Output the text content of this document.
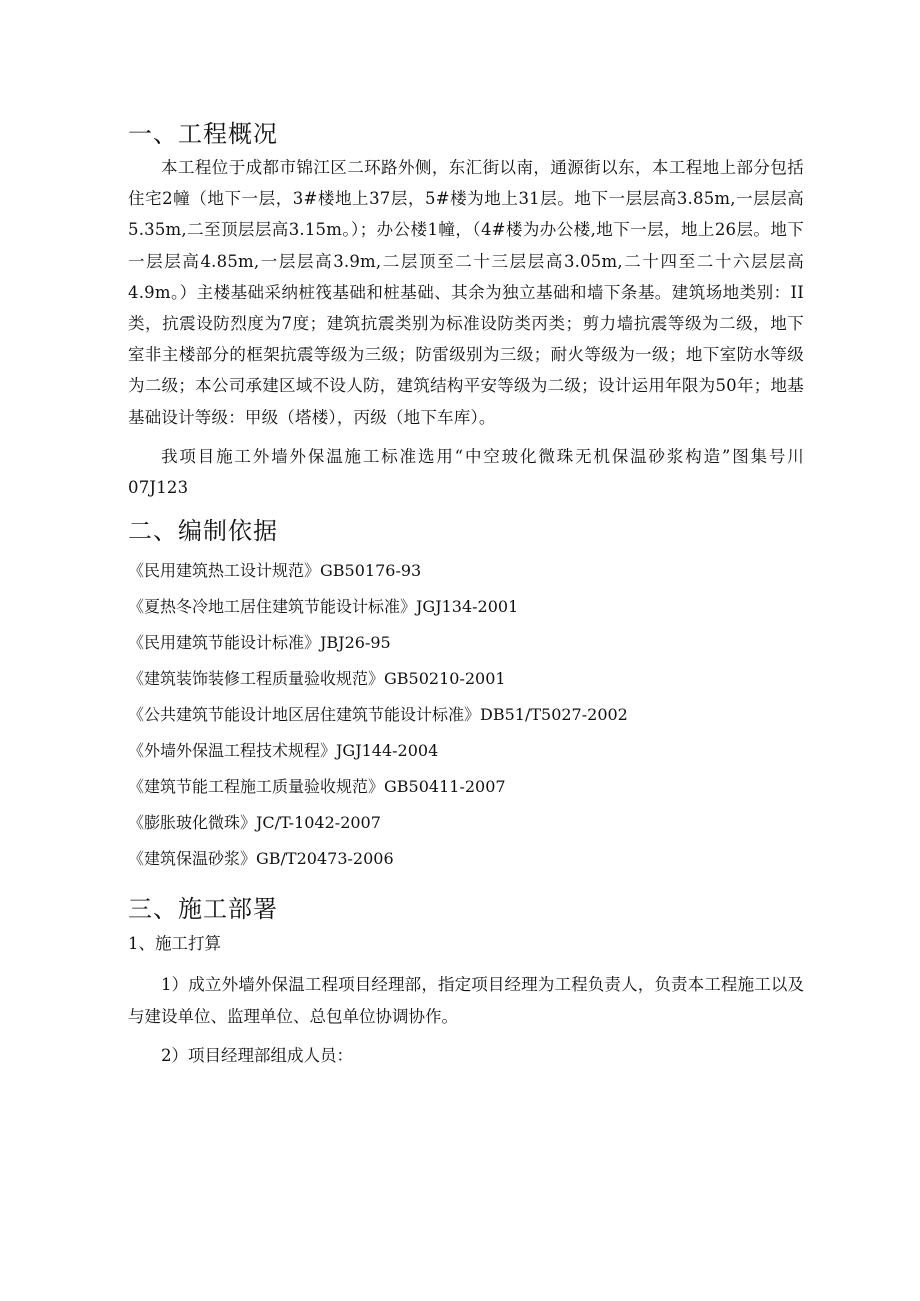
一、工程概况

本工程位于成都市锦江区二环路外侧，东汇街以南，通源街以东，本工程地上部分包括住宅2幢（地下一层，3#楼地上37层，5#楼为地上31层。地下一层层高3.85m,一层层高5.35m,二至顶层层高3.15m。）；办公楼1幢，（4#楼为办公楼,地下一层，地上26层。地下一层层高4.85m,一层层高3.9m,二层顶至二十三层层高3.05m,二十四至二十六层层高4.9m。）主楼基础采纳桩筏基础和桩基础、其余为独立基础和墙下条基。建筑场地类别：II类，抗震设防烈度为7度；建筑抗震类别为标准设防类丙类；剪力墙抗震等级为二级，地下室非主楼部分的框架抗震等级为三级；防雷级别为三级；耐火等级为一级；地下室防水等级为二级；本公司承建区域不设人防，建筑结构平安等级为二级；设计运用年限为50年；地基基础设计等级：甲级（塔楼），丙级（地下车库）。

我项目施工外墙外保温施工标准选用“中空玻化微珠无机保温砂浆构造”图集号川07J123

二、编制依据
《民用建筑热工设计规范》GB50176-93
《夏热冬冷地工居住建筑节能设计标准》JGJ134-2001
《民用建筑节能设计标准》JBJ26-95
《建筑装饰装修工程质量验收规范》GB50210-2001
《公共建筑节能设计地区居住建筑节能设计标准》DB51/T5027-2002
《外墙外保温工程技术规程》JGJ144-2004
《建筑节能工程施工质量验收规范》GB50411-2007
《膨胀玻化微珠》JC/T-1042-2007
《建筑保温砂浆》GB/T20473-2006
三、施工部署
1、施工打算

1）成立外墙外保温工程项目经理部，指定项目经理为工程负责人，负责本工程施工以及与建设单位、监理单位、总包单位协调协作。

2）项目经理部组成人员：
